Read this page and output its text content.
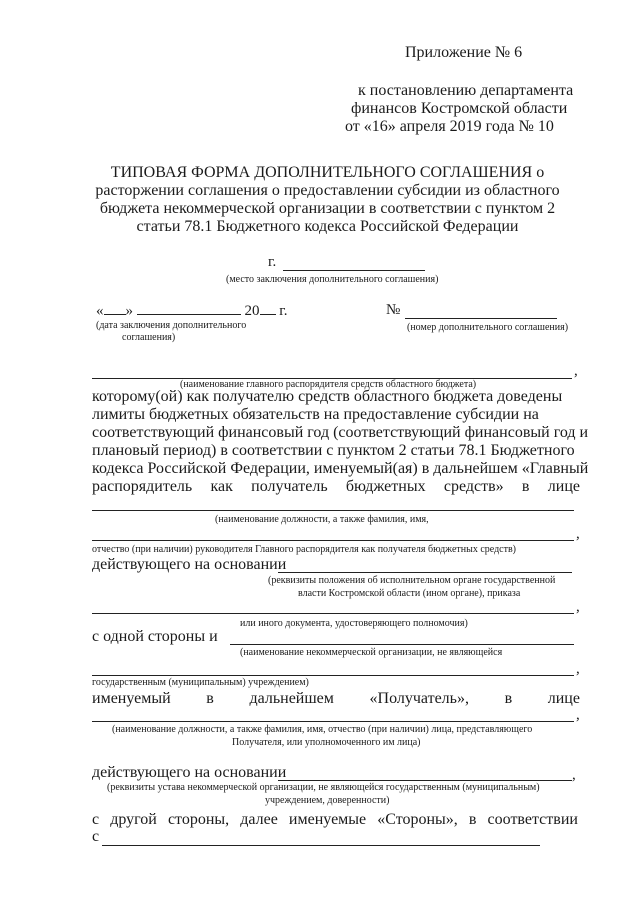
Приложение № 6
к постановлению департамента
финансов Костромской области
от «16» апреля 2019 года № 10
ТИПОВАЯ ФОРМА ДОПОЛНИТЕЛЬНОГО СОГЛАШЕНИЯ о
расторжении соглашения о предоставлении субсидии из областного
бюджета некоммерческой организации в соответствии с пунктом 2
статьи 78.1 Бюджетного кодекса Российской Федерации
г.
(место заключения дополнительного соглашения)
« »	20 г.	№
(дата заключения дополнительного
соглашения)
(номер дополнительного соглашения)
,
(наименование главного распорядителя средств областного бюджета)
которому(ой) как получателю средств областного бюджета доведены
лимиты бюджетных обязательств на предоставление субсидии на
соответствующий финансовый год (соответствующий финансовый год и
плановый период) в соответствии с пунктом 2 статьи 78.1 Бюджетного
кодекса Российской Федерации, именуемый(ая) в дальнейшем «Главный
распорядитель как получатель бюджетных средств» в лице
(наименование должности, а также фамилия, имя,
,
отчество (при наличии) руководителя Главного распорядителя как получателя бюджетных средств)
действующего на основании
(реквизиты положения об исполнительном органе государственной
власти Костромской области (ином органе), приказа
,
или иного документа, удостоверяющего полномочия)
с одной стороны и
(наименование некоммерческой организации, не являющейся
,
государственным (муниципальным) учреждением)
именуемый в дальнейшем «Получатель», в лице
,
(наименование должности, а также фамилия, имя, отчество (при наличии) лица, представляющего
Получателя, или уполномоченного им лица)
действующего на основании	,
(реквизиты устава некоммерческой организации, не являющейся государственным (муниципальным)
учреждением, доверенности)
с другой стороны, далее именуемые «Стороны», в соответствии
с
